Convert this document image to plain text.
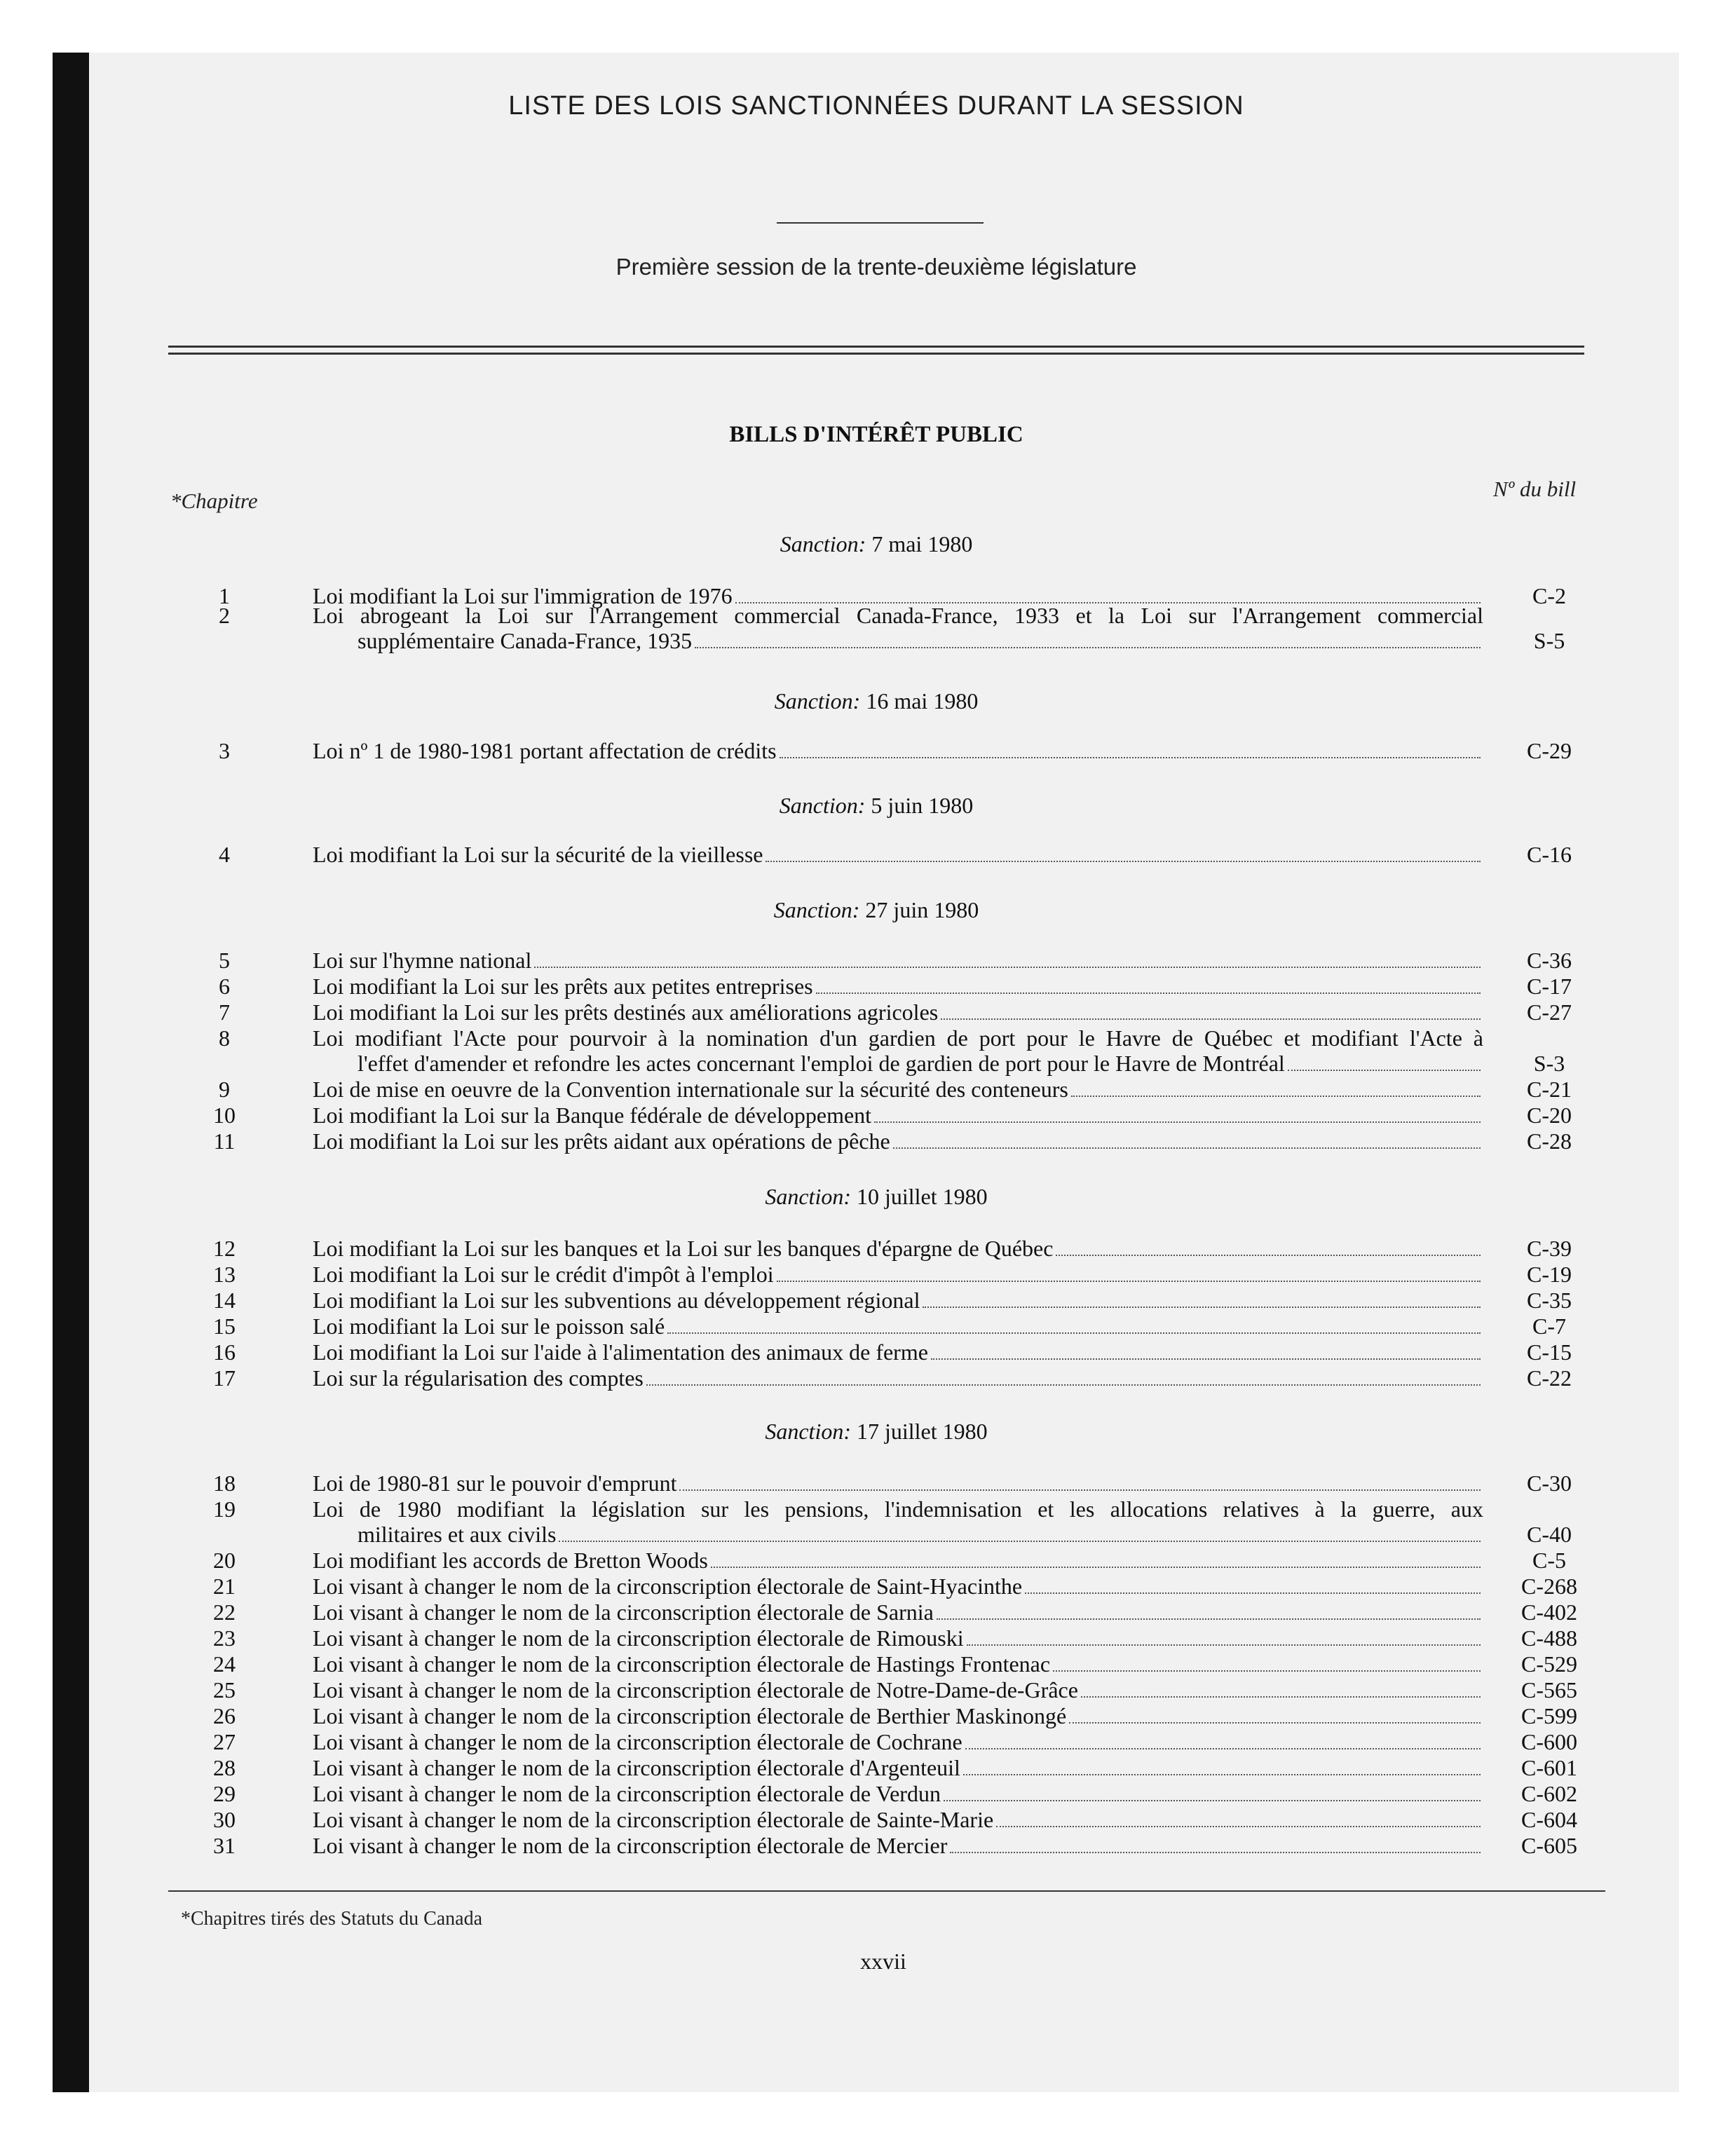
LISTE DES LOIS SANCTIONNÉES DURANT LA SESSION
Première session de la trente-deuxième législature
BILLS D'INTÉRÊT PUBLIC
*Chapitre	Nº du bill
Sanction: 7 mai 1980
1	Loi modifiant la Loi sur l'immigration de 1976	C-2
2	Loi abrogeant la Loi sur l'Arrangement commercial Canada-France, 1933 et la Loi sur l'Arrangement commercial
supplémentaire Canada-France, 1935	S-5
Sanction: 16 mai 1980
3	Loi nº 1 de 1980-1981 portant affectation de crédits	C-29
Sanction: 5 juin 1980
4	Loi modifiant la Loi sur la sécurité de la vieillesse	C-16
Sanction: 27 juin 1980
5	Loi sur l'hymne national	C-36
6	Loi modifiant la Loi sur les prêts aux petites entreprises	C-17
7	Loi modifiant la Loi sur les prêts destinés aux améliorations agricoles	C-27
8	Loi modifiant l'Acte pour pourvoir à la nomination d'un gardien de port pour le Havre de Québec et modifiant l'Acte à
l'effet d'amender et refondre les actes concernant l'emploi de gardien de port pour le Havre de Montréal	S-3
9	Loi de mise en oeuvre de la Convention internationale sur la sécurité des conteneurs	C-21
10	Loi modifiant la Loi sur la Banque fédérale de développement	C-20
11	Loi modifiant la Loi sur les prêts aidant aux opérations de pêche	C-28
Sanction: 10 juillet 1980
12	Loi modifiant la Loi sur les banques et la Loi sur les banques d'épargne de Québec	C-39
13	Loi modifiant la Loi sur le crédit d'impôt à l'emploi	C-19
14	Loi modifiant la Loi sur les subventions au développement régional	C-35
15	Loi modifiant la Loi sur le poisson salé	C-7
16	Loi modifiant la Loi sur l'aide à l'alimentation des animaux de ferme	C-15
17	Loi sur la régularisation des comptes	C-22
Sanction: 17 juillet 1980
18	Loi de 1980-81 sur le pouvoir d'emprunt	C-30
19	Loi de 1980 modifiant la législation sur les pensions, l'indemnisation et les allocations relatives à la guerre, aux
militaires et aux civils	C-40
20	Loi modifiant les accords de Bretton Woods	C-5
21	Loi visant à changer le nom de la circonscription électorale de Saint-Hyacinthe	C-268
22	Loi visant à changer le nom de la circonscription électorale de Sarnia	C-402
23	Loi visant à changer le nom de la circonscription électorale de Rimouski	C-488
24	Loi visant à changer le nom de la circonscription électorale de Hastings Frontenac	C-529
25	Loi visant à changer le nom de la circonscription électorale de Notre-Dame-de-Grâce	C-565
26	Loi visant à changer le nom de la circonscription électorale de Berthier Maskinongé	C-599
27	Loi visant à changer le nom de la circonscription électorale de Cochrane	C-600
28	Loi visant à changer le nom de la circonscription électorale d'Argenteuil	C-601
29	Loi visant à changer le nom de la circonscription électorale de Verdun	C-602
30	Loi visant à changer le nom de la circonscription électorale de Sainte-Marie	C-604
31	Loi visant à changer le nom de la circonscription électorale de Mercier	C-605
*Chapitres tirés des Statuts du Canada
xxvii
